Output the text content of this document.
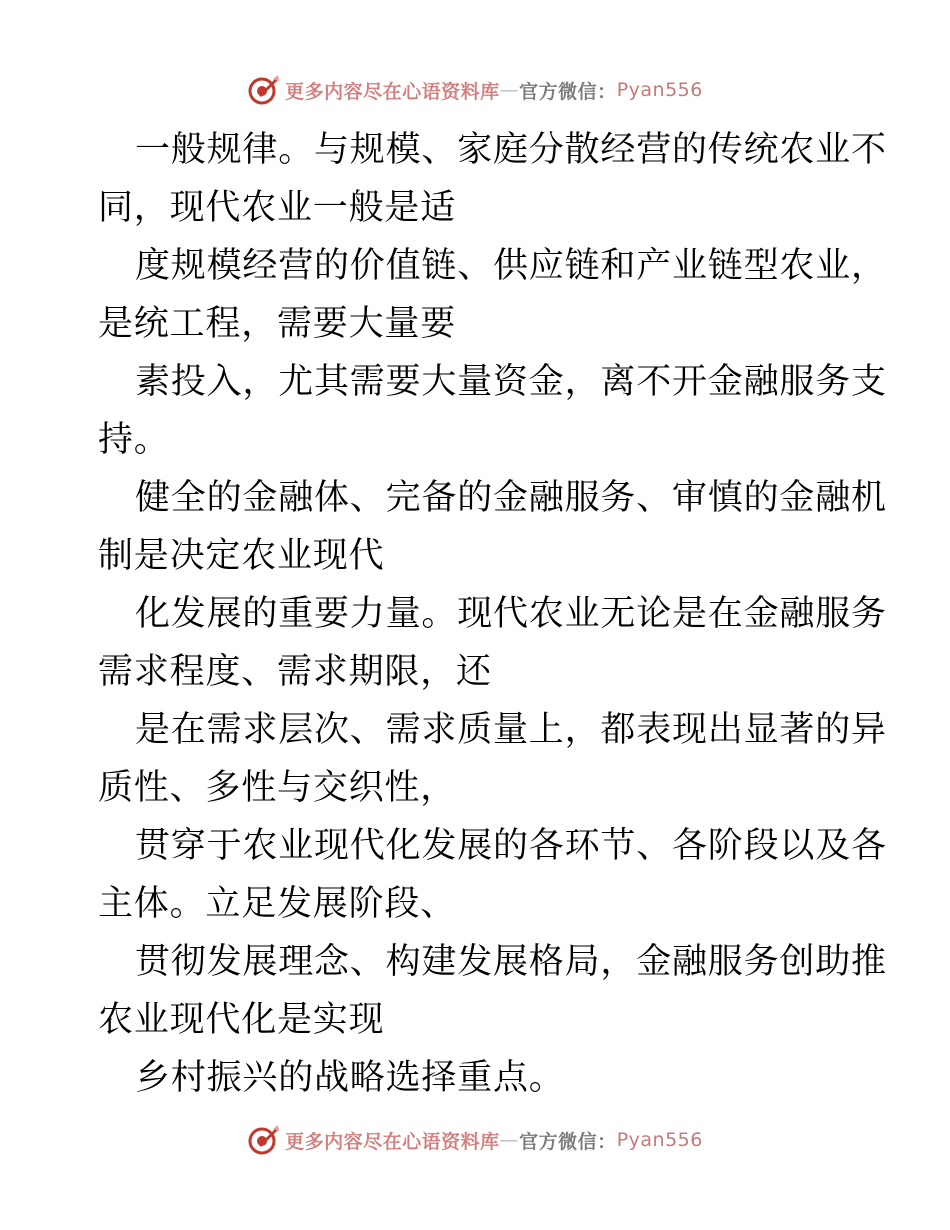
更多内容尽在心语资料库 — 官方微信： Pyan556

一般规律。与规模、家庭分散经营的传统农业不
同，现代农业一般是适

度规模经营的价值链、供应链和产业链型农业，
是统工程，需要大量要

素投入，尤其需要大量资金，离不开金融服务支
持。

健全的金融体、完备的金融服务、审慎的金融机
制是决定农业现代

化发展的重要力量。现代农业无论是在金融服务
需求程度、需求期限，还

是在需求层次、需求质量上，都表现出显著的异
质性、多性与交织性，

贯穿于农业现代化发展的各环节、各阶段以及各
主体。立足发展阶段、

贯彻发展理念、构建发展格局，金融服务创助推
农业现代化是实现

乡村振兴的战略选择重点。

更多内容尽在心语资料库 — 官方微信： Pyan556
